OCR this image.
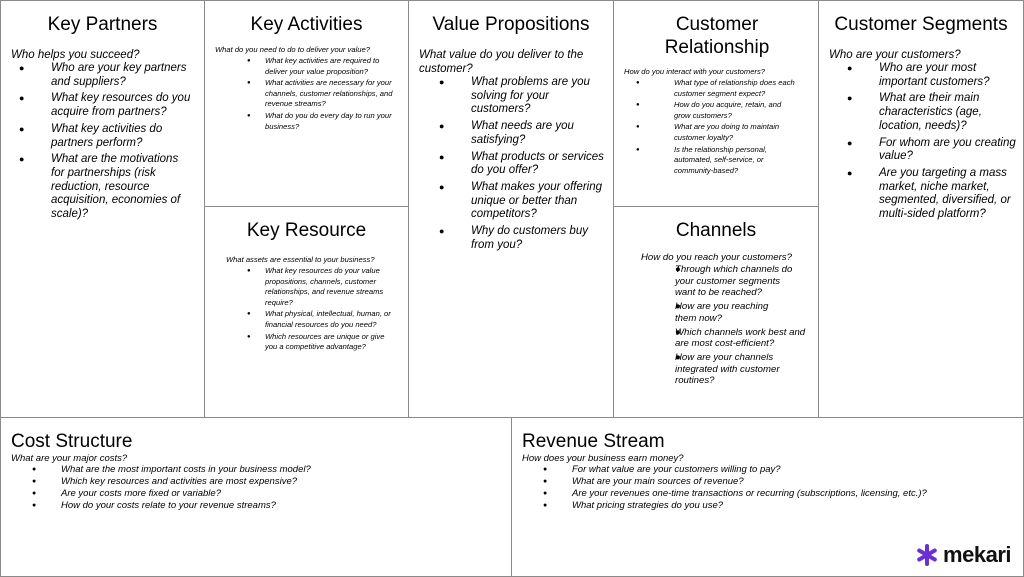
Key Partners
Who helps you succeed?
● Who are your key partners and suppliers?
● What key resources do you acquire from partners?
● What key activities do partners perform?
● What are the motivations for partnerships (risk reduction, resource acquisition, economies of scale)?
Key Activities
What do you need to do to deliver your value?
● What key activities are required to deliver your value proposition?
● What activities are necessary for your channels, customer relationships, and revenue streams?
● What do you do every day to run your business?
Key Resource
What assets are essential to your business?
● What key resources do your value propositions, channels, customer relationships, and revenue streams require?
● What physical, intellectual, human, or financial resources do you need?
● Which resources are unique or give you a competitive advantage?
Value Propositions
What value do you deliver to the customer?
● What problems are you solving for your customers?
● What needs are you satisfying?
● What products or services do you offer?
● What makes your offering unique or better than competitors?
● Why do customers buy from you?
Customer Relationship
How do you interact with your customers?
● What type of relationship does each customer segment expect?
● How do you acquire, retain, and grow customers?
● What are you doing to maintain customer loyalty?
● Is the relationship personal, automated, self-service, or community-based?
Channels
How do you reach your customers?
● Through which channels do your customer segments want to be reached?
● How are you reaching them now?
● Which channels work best and are most cost-efficient?
● How are your channels integrated with customer routines?
Customer Segments
Who are your customers?
● Who are your most important customers?
● What are their main characteristics (age, location, needs)?
● For whom are you creating value?
● Are you targeting a mass market, niche market, segmented, diversified, or multi-sided platform?
Cost Structure
What are your major costs?
● What are the most important costs in your business model?
● Which key resources and activities are most expensive?
● Are your costs more fixed or variable?
● How do your costs relate to your revenue streams?
Revenue Stream
How does your business earn money?
● For what value are your customers willing to pay?
● What are your main sources of revenue?
● Are your revenues one-time transactions or recurring (subscriptions, licensing, etc.)?
● What pricing strategies do you use?
mekari
